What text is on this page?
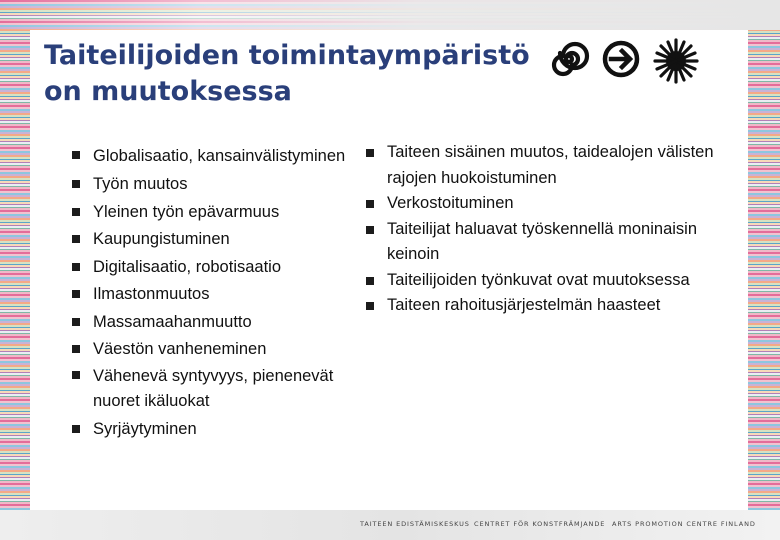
Taiteilijoiden toimintaympäristö
on muutoksessa
Globalisaatio, kansainvälistyminen
Työn muutos
Yleinen työn epävarmuus
Kaupungistuminen
Digitalisaatio, robotisaatio
Ilmastonmuutos
Massamaahanmuutto
Väestön vanheneminen
Vähenevä syntyvyys, pienenevät nuoret ikäluokat
Syrjäytyminen
Taiteen sisäinen muutos, taidealojen välisten rajojen huokoistuminen
Verkostoituminen
Taiteilijat haluavat työskennellä moninaisin keinoin
Taiteilijoiden työnkuvat ovat muutoksessa
Taiteen rahoitusjärjestelmän haasteet
TAITEEN EDISTÄMISKESKUS CENTRET FÖR KONSTFRÄMJANDE ARTS PROMOTION CENTRE FINLAND
